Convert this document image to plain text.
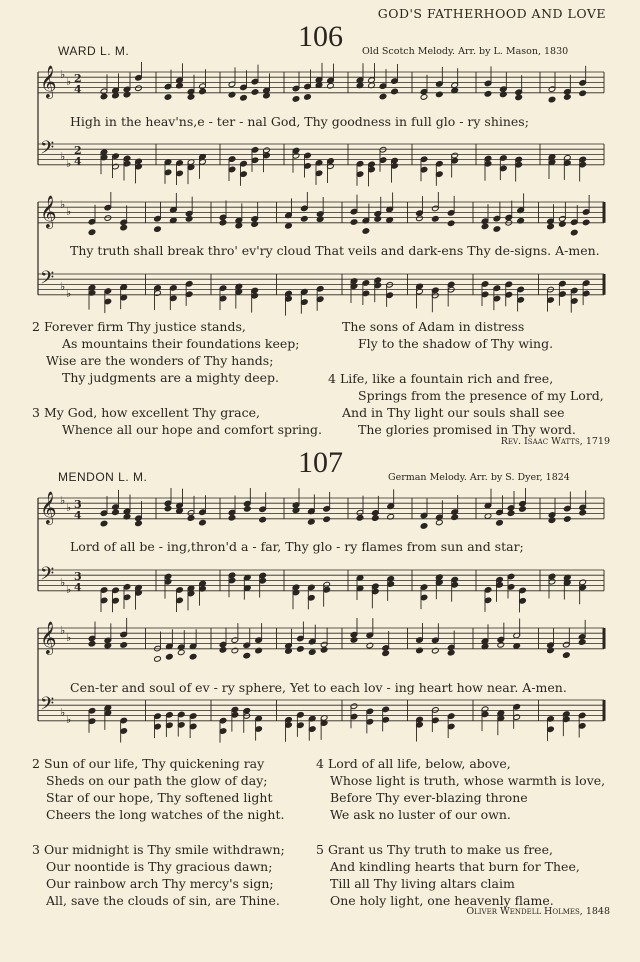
GOD'S FATHERHOOD AND LOVE
106
WARD L. M.	Old Scotch Melody. Arr. by L. Mason, 1830
𝄞 ♭
♭ 2
4
𝄢 ♭
♭
2
4
High in the heav'ns,e - ter - nal God, Thy goodness in full glo - ry shines;
𝄞 ♭
♭
𝄢 ♭
♭
Thy truth shall break thro' ev'ry cloud That veils and dark-ens Thy de-signs. A-men.
2 Forever firm Thy justice stands,
As mountains their foundations keep;
Wise are the wonders of Thy hands;
Thy judgments are a mighty deep.
3 My God, how excellent Thy grace,
Whence all our hope and comfort spring.
The sons of Adam in distress
Fly to the shadow of Thy wing.
4 Life, like a fountain rich and free,
Springs from the presence of my Lord,
And in Thy light our souls shall see
The glories promised in Thy word.
Rev. Isaac Watts, 1719
107
MENDON L. M.	German Melody. Arr. by S. Dyer, 1824
𝄞 ♭
♭ 3
4
𝄢 ♭
♭
3
4
Lord of all be - ing,thron'd a - far, Thy glo - ry flames from sun and star;
𝄞 ♭
♭
𝄢 ♭
♭
Cen-ter and soul of ev - ry sphere, Yet to each lov - ing heart how near. A-men.
2 Sun of our life, Thy quickening ray
Sheds on our path the glow of day;
Star of our hope, Thy softened light
Cheers the long watches of the night.
3 Our midnight is Thy smile withdrawn;
Our noontide is Thy gracious dawn;
Our rainbow arch Thy mercy's sign;
All, save the clouds of sin, are Thine.
4 Lord of all life, below, above,
Whose light is truth, whose warmth is love,
Before Thy ever-blazing throne
We ask no luster of our own.
5 Grant us Thy truth to make us free,
And kindling hearts that burn for Thee,
Till all Thy living altars claim
One holy light, one heavenly flame.
Oliver Wendell Holmes, 1848
